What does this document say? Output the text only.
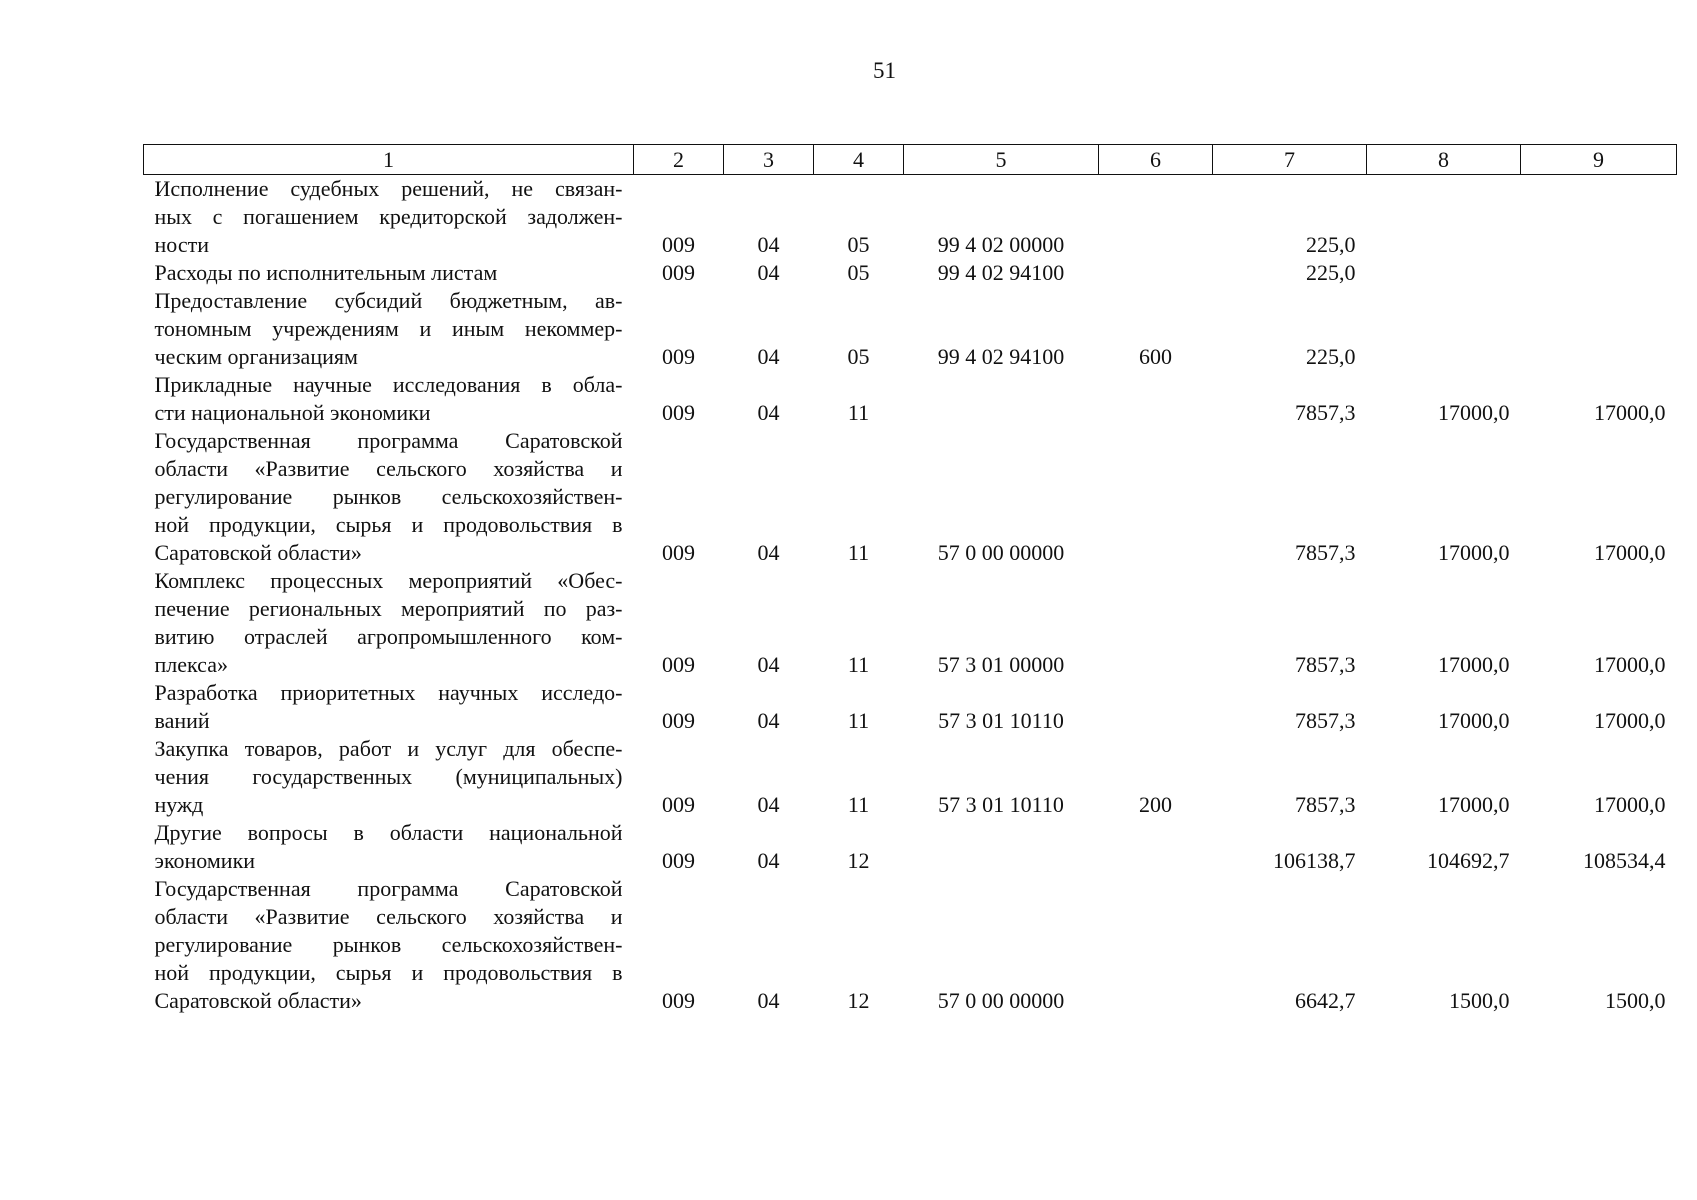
51
1	2	3	4	5	6	7	8	9

Исполнение судебных решений, не связан-
ных с погашением кредиторской задолжен-
ности	009	04	05	99 4 02 00000		225,0		

Расходы по исполнительным листам	009	04	05	99 4 02 94100		225,0		

Предоставление субсидий бюджетным, ав-
тономным учреждениям и иным некоммер-
ческим организациям	009	04	05	99 4 02 94100	600	225,0		

Прикладные научные исследования в обла-
сти национальной экономики	009	04	11			7857,3	17000,0	17000,0

Государственная программа Саратовской
области «Развитие сельского хозяйства и
регулирование рынков сельскохозяйствен-
ной продукции, сырья и продовольствия в
Саратовской области»	009	04	11	57 0 00 00000		7857,3	17000,0	17000,0

Комплекс процессных мероприятий «Обес-
печение региональных мероприятий по раз-
витию отраслей агропромышленного ком-
плекса»	009	04	11	57 3 01 00000		7857,3	17000,0	17000,0

Разработка приоритетных научных исследо-
ваний	009	04	11	57 3 01 10110		7857,3	17000,0	17000,0

Закупка товаров, работ и услуг для обеспе-
чения государственных (муниципальных)
нужд	009	04	11	57 3 01 10110	200	7857,3	17000,0	17000,0

Другие вопросы в области национальной
экономики	009	04	12			106138,7	104692,7	108534,4

Государственная программа Саратовской
области «Развитие сельского хозяйства и
регулирование рынков сельскохозяйствен-
ной продукции, сырья и продовольствия в
Саратовской области»	009	04	12	57 0 00 00000		6642,7	1500,0	1500,0
